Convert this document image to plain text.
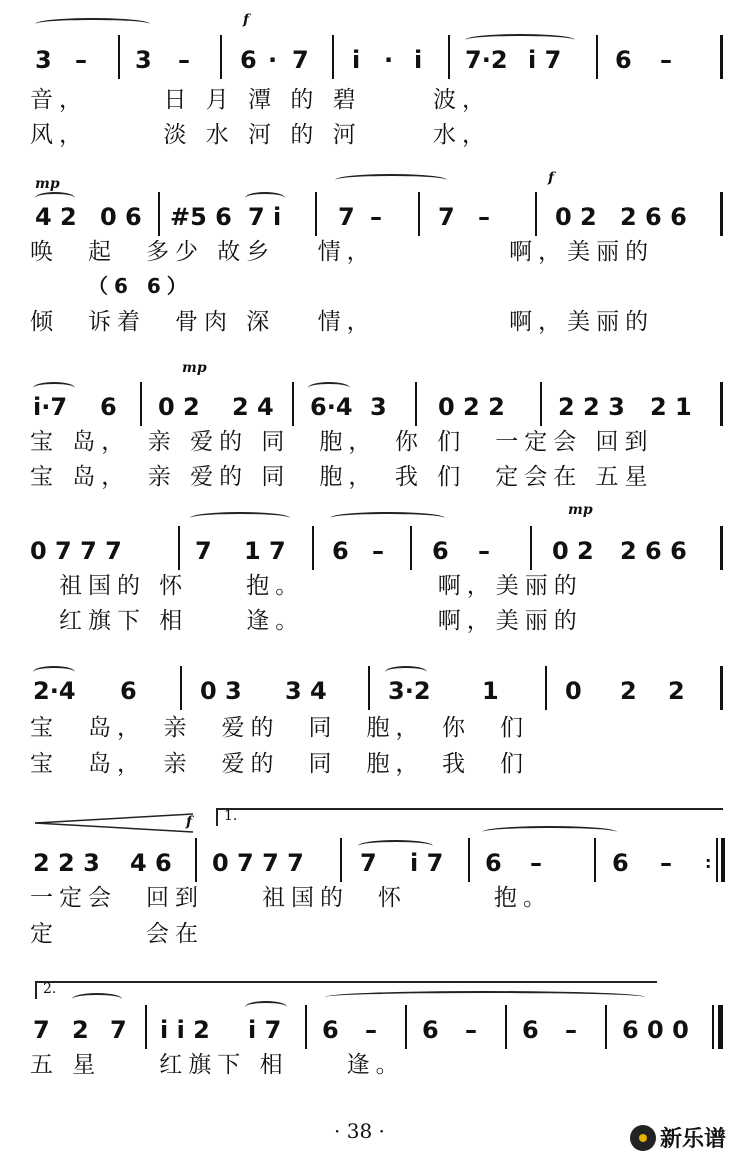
f
3 – 3 – 6 · 7 i · i 7·2 i 7 6 –
音，　　　日 月 潭 的 碧　　 波，
风，　　　淡 水 河 的 河　　 水，
mp	f
4 2 0 6 #5 6 7 i 7 – 7 –	0 2 2 6 6
唤　起　多少 故乡　 情，　　　　　啊，美丽的
（6 6）
倾　诉着　骨肉 深　 情，　　　　　啊，美丽的
mp
i·7 6 0 2 2 4 6·4 3 0 2 2 2 2 3 2 1
宝 岛，　亲 爱的 同　胞，　你 们　一定会 回到
宝 岛，　亲 爱的 同　胞，　我 们　定会在 五星
mp
0 7 7 7	7 1 7 6 – 6 –	0 2 2 6 6
　祖国的 怀　　抱。　　　　　啊，美丽的
　红旗下 相　　逢。　　　　　啊，美丽的
2·4 6	0 3 3 4	3·2 1	0 2 2
宝　岛，　亲　爱的　同　胞，　你　们
宝　岛，　亲　爱的　同　胞，　我　们
f 1.
2 2 3 4 6 0 7 7 7 7 i 7 6 –	6 – :
一定会　回到　　祖国的　怀　　　抱。
定　　　会在
2.
7 2 7 i i 2 i 7 6 – 6 – 6 – 6 0 0
五 星　　红旗下 相　　逢。
· 38 ·	新乐谱
